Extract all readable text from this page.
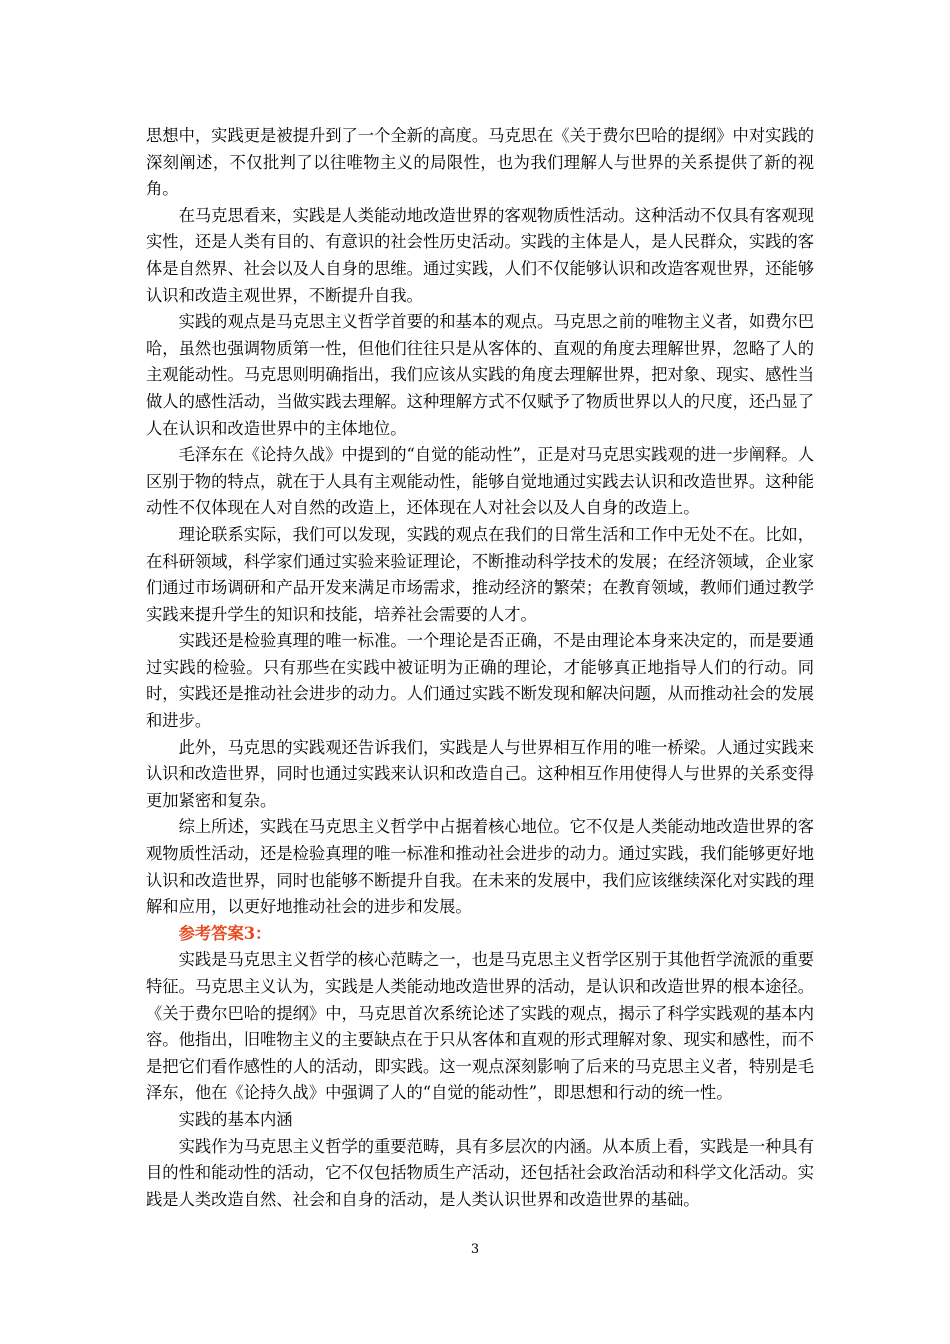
思想中，实践更是被提升到了一个全新的高度。马克思在《关于费尔巴哈的提纲》中对实践的深刻阐述，不仅批判了以往唯物主义的局限性，也为我们理解人与世界的关系提供了新的视角。

在马克思看来，实践是人类能动地改造世界的客观物质性活动。这种活动不仅具有客观现实性，还是人类有目的、有意识的社会性历史活动。实践的主体是人，是人民群众，实践的客体是自然界、社会以及人自身的思维。通过实践，人们不仅能够认识和改造客观世界，还能够认识和改造主观世界，不断提升自我。

实践的观点是马克思主义哲学首要的和基本的观点。马克思之前的唯物主义者，如费尔巴哈，虽然也强调物质第一性，但他们往往只是从客体的、直观的角度去理解世界，忽略了人的主观能动性。马克思则明确指出，我们应该从实践的角度去理解世界，把对象、现实、感性当做人的感性活动，当做实践去理解。这种理解方式不仅赋予了物质世界以人的尺度，还凸显了人在认识和改造世界中的主体地位。

毛泽东在《论持久战》中提到的“自觉的能动性”，正是对马克思实践观的进一步阐释。人区别于物的特点，就在于人具有主观能动性，能够自觉地通过实践去认识和改造世界。这种能动性不仅体现在人对自然的改造上，还体现在人对社会以及人自身的改造上。

理论联系实际，我们可以发现，实践的观点在我们的日常生活和工作中无处不在。比如，在科研领域，科学家们通过实验来验证理论，不断推动科学技术的发展；在经济领域，企业家们通过市场调研和产品开发来满足市场需求，推动经济的繁荣；在教育领域，教师们通过教学实践来提升学生的知识和技能，培养社会需要的人才。

实践还是检验真理的唯一标准。一个理论是否正确，不是由理论本身来决定的，而是要通过实践的检验。只有那些在实践中被证明为正确的理论，才能够真正地指导人们的行动。同时，实践还是推动社会进步的动力。人们通过实践不断发现和解决问题，从而推动社会的发展和进步。

此外，马克思的实践观还告诉我们，实践是人与世界相互作用的唯一桥梁。人通过实践来认识和改造世界，同时也通过实践来认识和改造自己。这种相互作用使得人与世界的关系变得更加紧密和复杂。

综上所述，实践在马克思主义哲学中占据着核心地位。它不仅是人类能动地改造世界的客观物质性活动，还是检验真理的唯一标准和推动社会进步的动力。通过实践，我们能够更好地认识和改造世界，同时也能够不断提升自我。在未来的发展中，我们应该继续深化对实践的理解和应用，以更好地推动社会的进步和发展。

参考答案3：

实践是马克思主义哲学的核心范畴之一，也是马克思主义哲学区别于其他哲学流派的重要特征。马克思主义认为，实践是人类能动地改造世界的活动，是认识和改造世界的根本途径。《关于费尔巴哈的提纲》中，马克思首次系统论述了实践的观点，揭示了科学实践观的基本内容。他指出，旧唯物主义的主要缺点在于只从客体和直观的形式理解对象、现实和感性，而不是把它们看作感性的人的活动，即实践。这一观点深刻影响了后来的马克思主义者，特别是毛泽东，他在《论持久战》中强调了人的“自觉的能动性”，即思想和行动的统一性。

实践的基本内涵

实践作为马克思主义哲学的重要范畴，具有多层次的内涵。从本质上看，实践是一种具有目的性和能动性的活动，它不仅包括物质生产活动，还包括社会政治活动和科学文化活动。实践是人类改造自然、社会和自身的活动，是人类认识世界和改造世界的基础。

3
